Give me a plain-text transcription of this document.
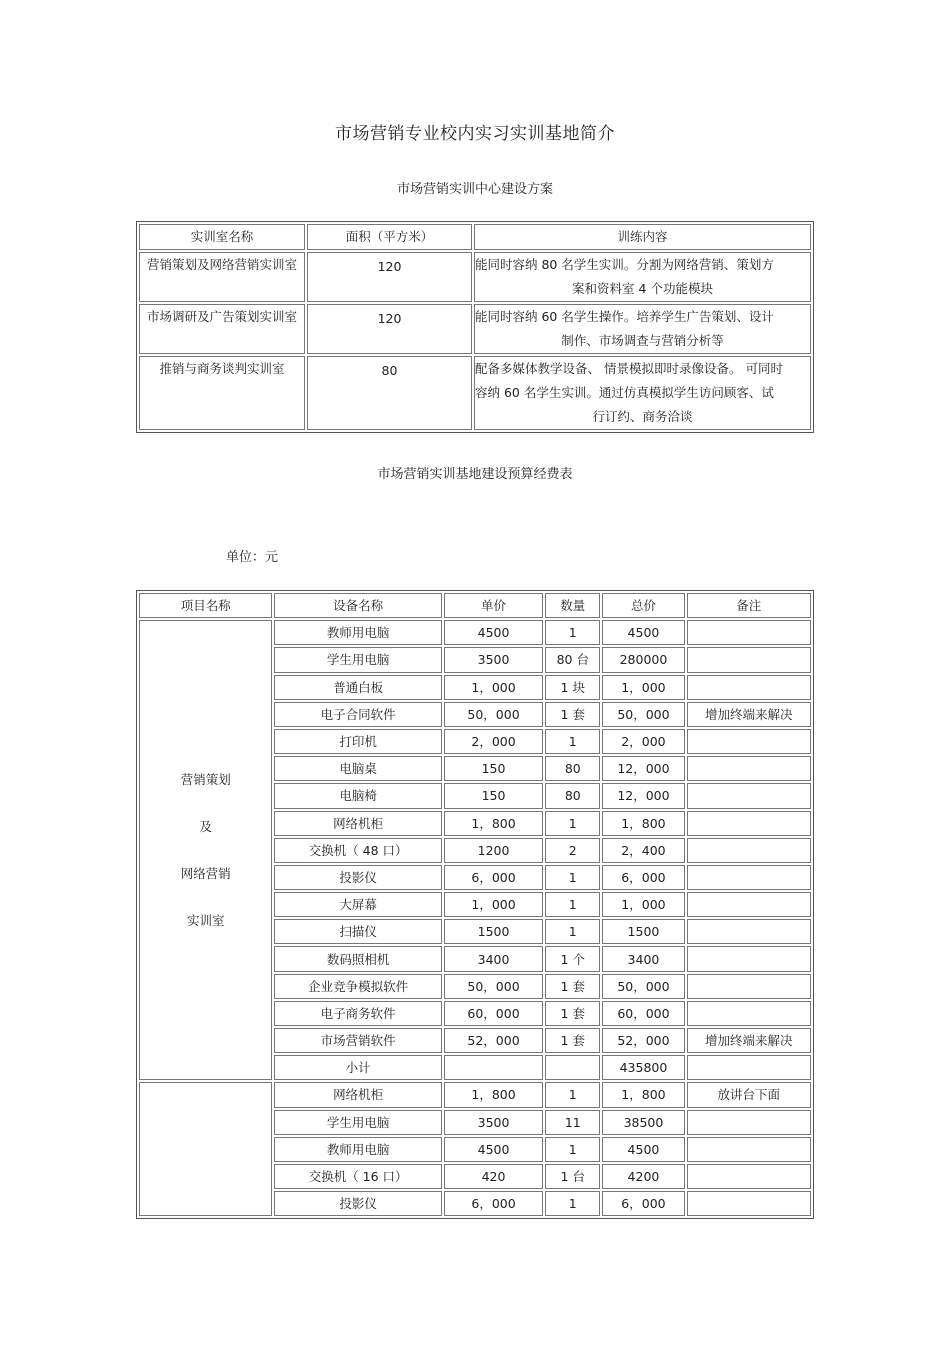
市场营销专业校内实习实训基地简介
市场营销实训中心建设方案
实训室名称	面积（平方米）	训练内容
营销策划及网络营销实训室	120	能同时容纳 80 名学生实训。分割为网络营销、策划方
案和资料室 4 个功能模块

市场调研及广告策划实训室	120	能同时容纳 60 名学生操作。培养学生广告策划、设计
制作、市场调查与营销分析等

推销与商务谈判实训室	80	配备多媒体教学设备、 情景模拟即时录像设备。 可同时
容纳 60 名学生实训。通过仿真模拟学生访问顾客、试
行订约、商务洽谈
市场营销实训基地建设预算经费表
单位：元
项目名称	设备名称	单价	数量	总价	备注

营销策划
及
网络营销
实训室	教师用电脑	4500	1	4500	
	学生用电脑	3500	80 台	280000	
	普通白板	1，000	1 块	1，000	
	电子合同软件	50，000	1 套	50，000	增加终端来解决
	打印机	2，000	1	2，000	
	电脑桌	150	80	12，000	
	电脑椅	150	80	12，000	
	网络机柜	1，800	1	1，800	
	交换机（ 48 口）	1200	2	2，400	
	投影仪	6，000	1	6，000	
	大屏幕	1，000	1	1，000	
	扫描仪	1500	1	1500	
	数码照相机	3400	1 个	3400	
	企业竞争模拟软件	50，000	1 套	50，000	
	电子商务软件	60，000	1 套	60，000	
	市场营销软件	52，000	1 套	52，000	增加终端来解决
	小计			435800	
	网络机柜	1，800	1	1，800	放讲台下面
	学生用电脑	3500	11	38500	
	教师用电脑	4500	1	4500	
	交换机（ 16 口）	420	1 台	4200	
	投影仪	6，000	1	6，000	
